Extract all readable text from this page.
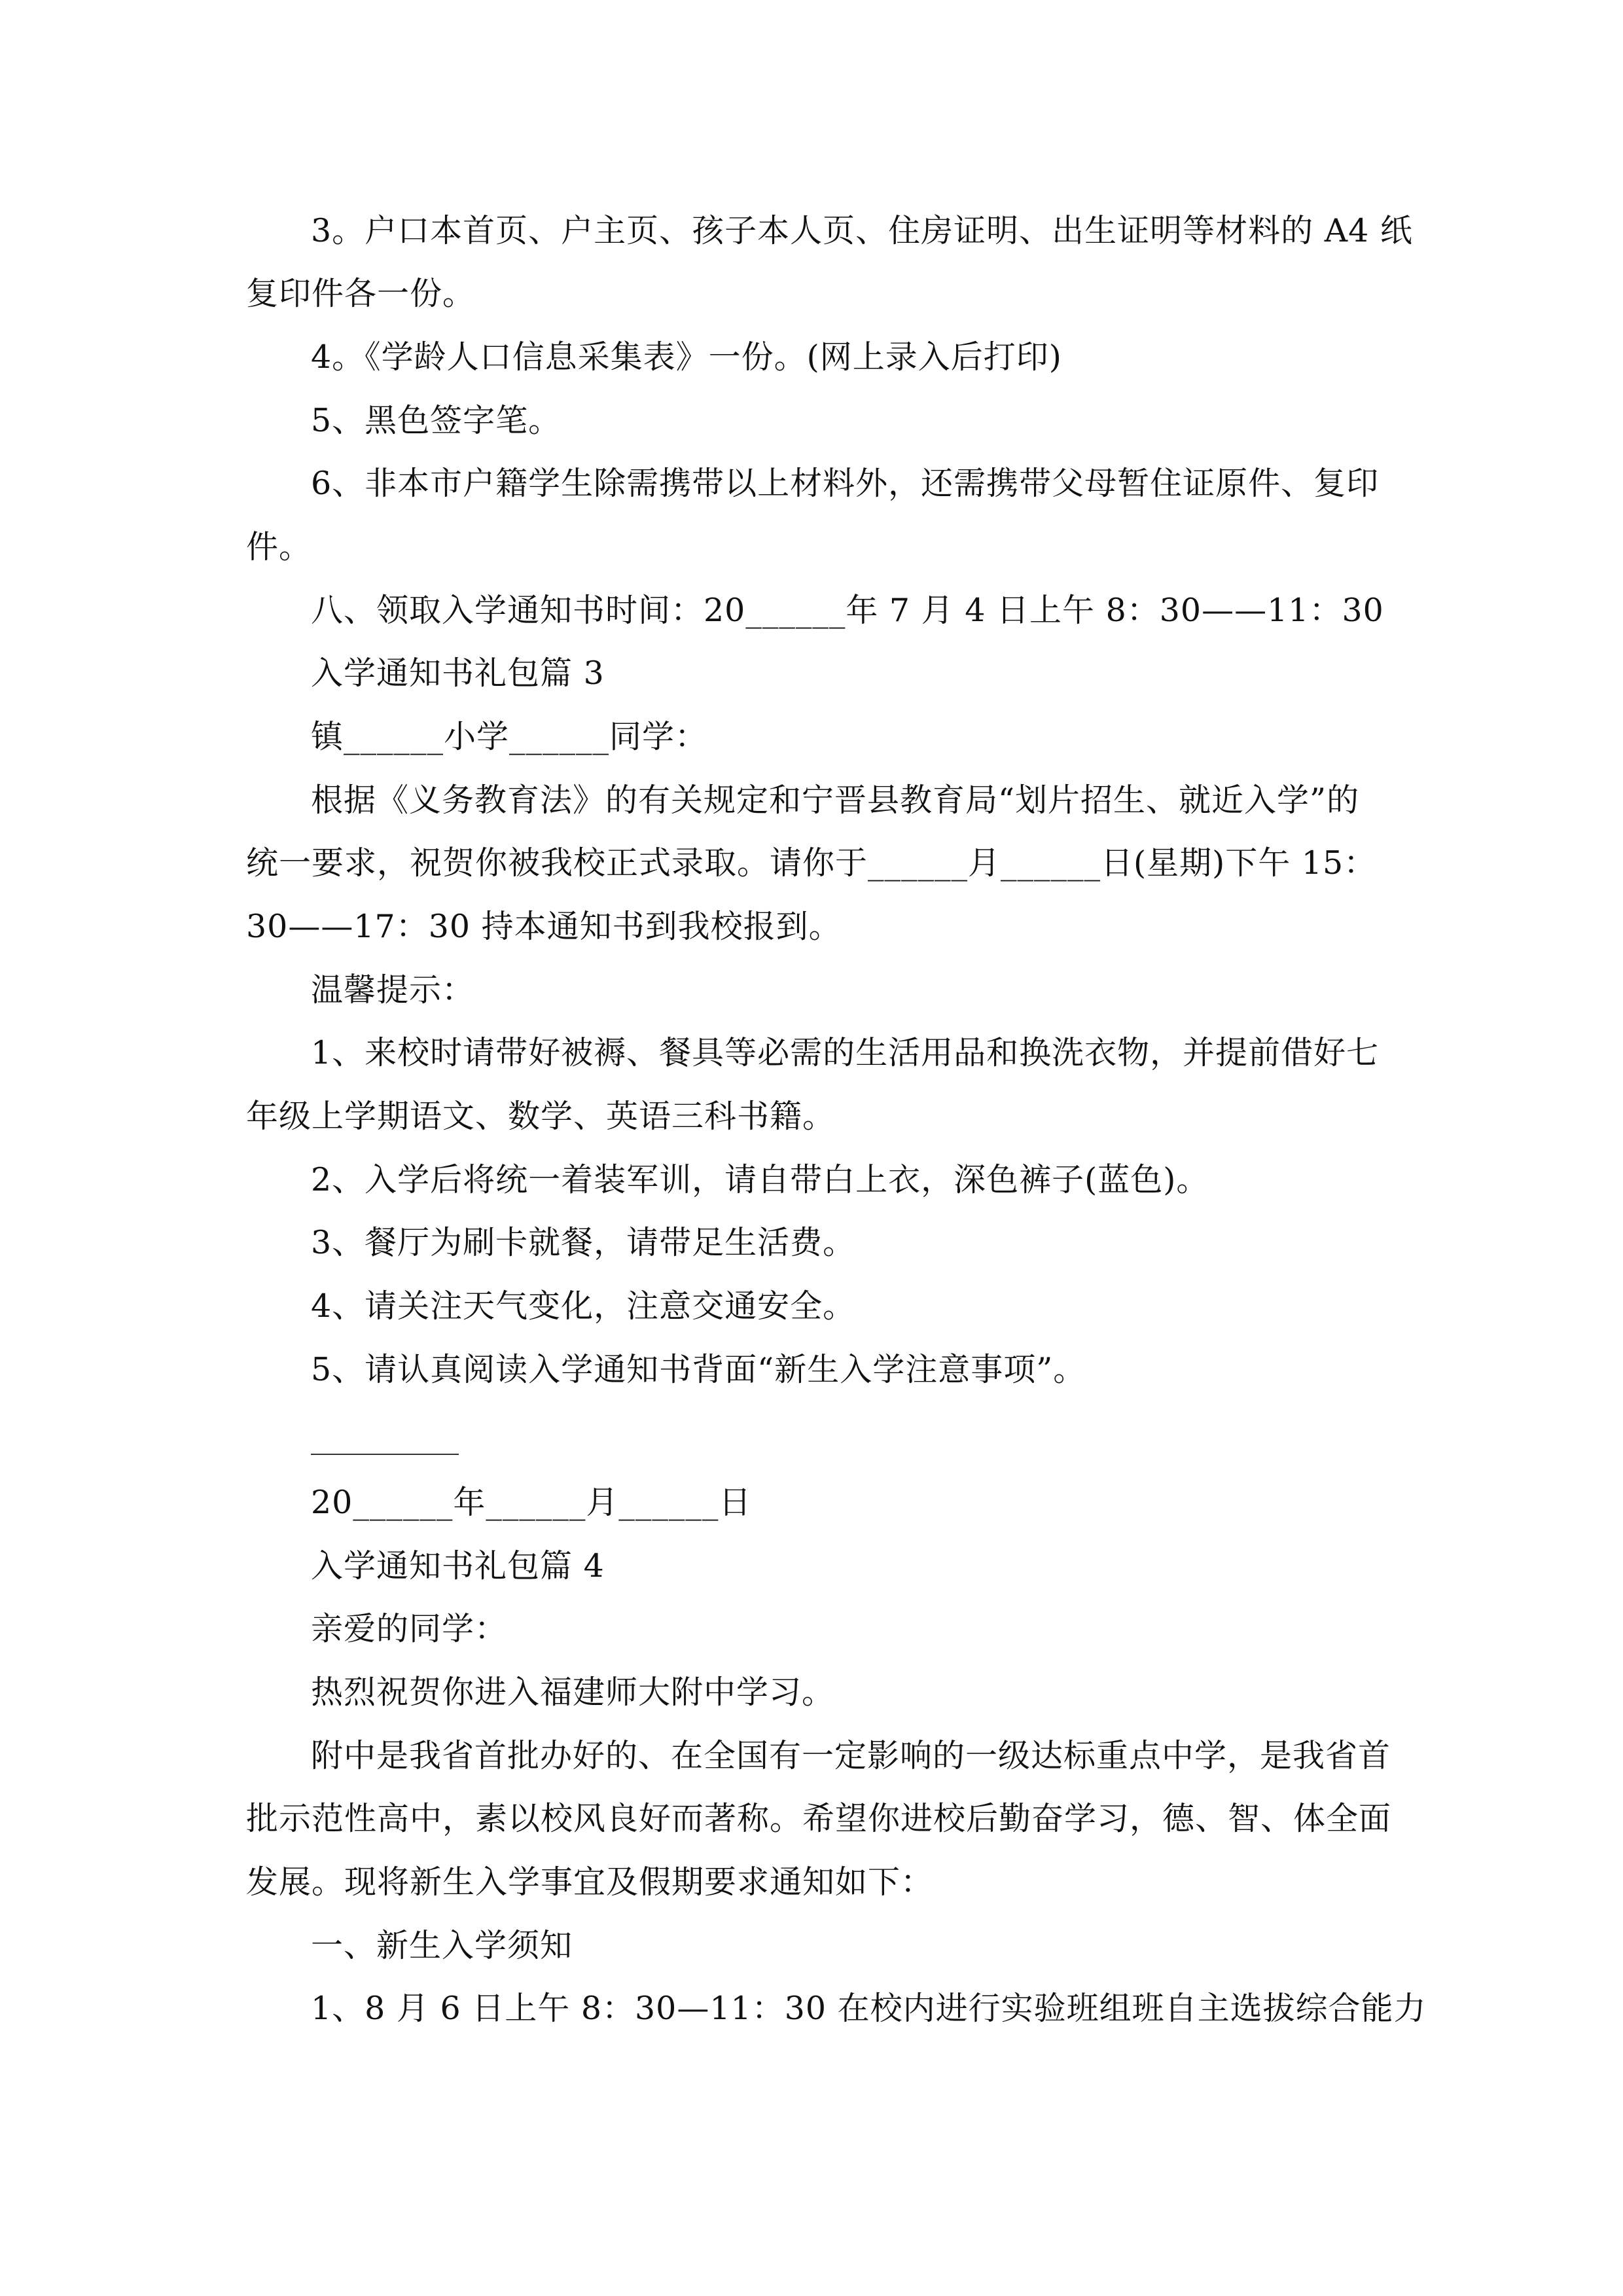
3。户口本首页、户主页、孩子本人页、住房证明、出生证明等材料的 A4 纸
复印件各一份。
4。《学龄人口信息采集表》一份。(网上录入后打印)
5、黑色签字笔。
6、非本市户籍学生除需携带以上材料外，还需携带父母暂住证原件、复印
件。
八、领取入学通知书时间：20______年 7 月 4 日上午 8：30——11：30
入学通知书礼包篇 3
镇______小学______同学：
根据《义务教育法》的有关规定和宁晋县教育局“划片招生、就近入学”的
统一要求，祝贺你被我校正式录取。请你于______月______日(星期)下午 15：
30——17：30 持本通知书到我校报到。
温馨提示：
1、来校时请带好被褥、餐具等必需的生活用品和换洗衣物，并提前借好七
年级上学期语文、数学、英语三科书籍。
2、入学后将统一着装军训，请自带白上衣，深色裤子(蓝色)。
3、餐厅为刷卡就餐，请带足生活费。
4、请关注天气变化，注意交通安全。
5、请认真阅读入学通知书背面“新生入学注意事项”。
20______年______月______日
入学通知书礼包篇 4
亲爱的同学：
热烈祝贺你进入福建师大附中学习。
附中是我省首批办好的、在全国有一定影响的一级达标重点中学，是我省首
批示范性高中，素以校风良好而著称。希望你进校后勤奋学习，德、智、体全面
发展。现将新生入学事宜及假期要求通知如下：
一、新生入学须知
1、8 月 6 日上午 8：30—11：30 在校内进行实验班组班自主选拔综合能力
